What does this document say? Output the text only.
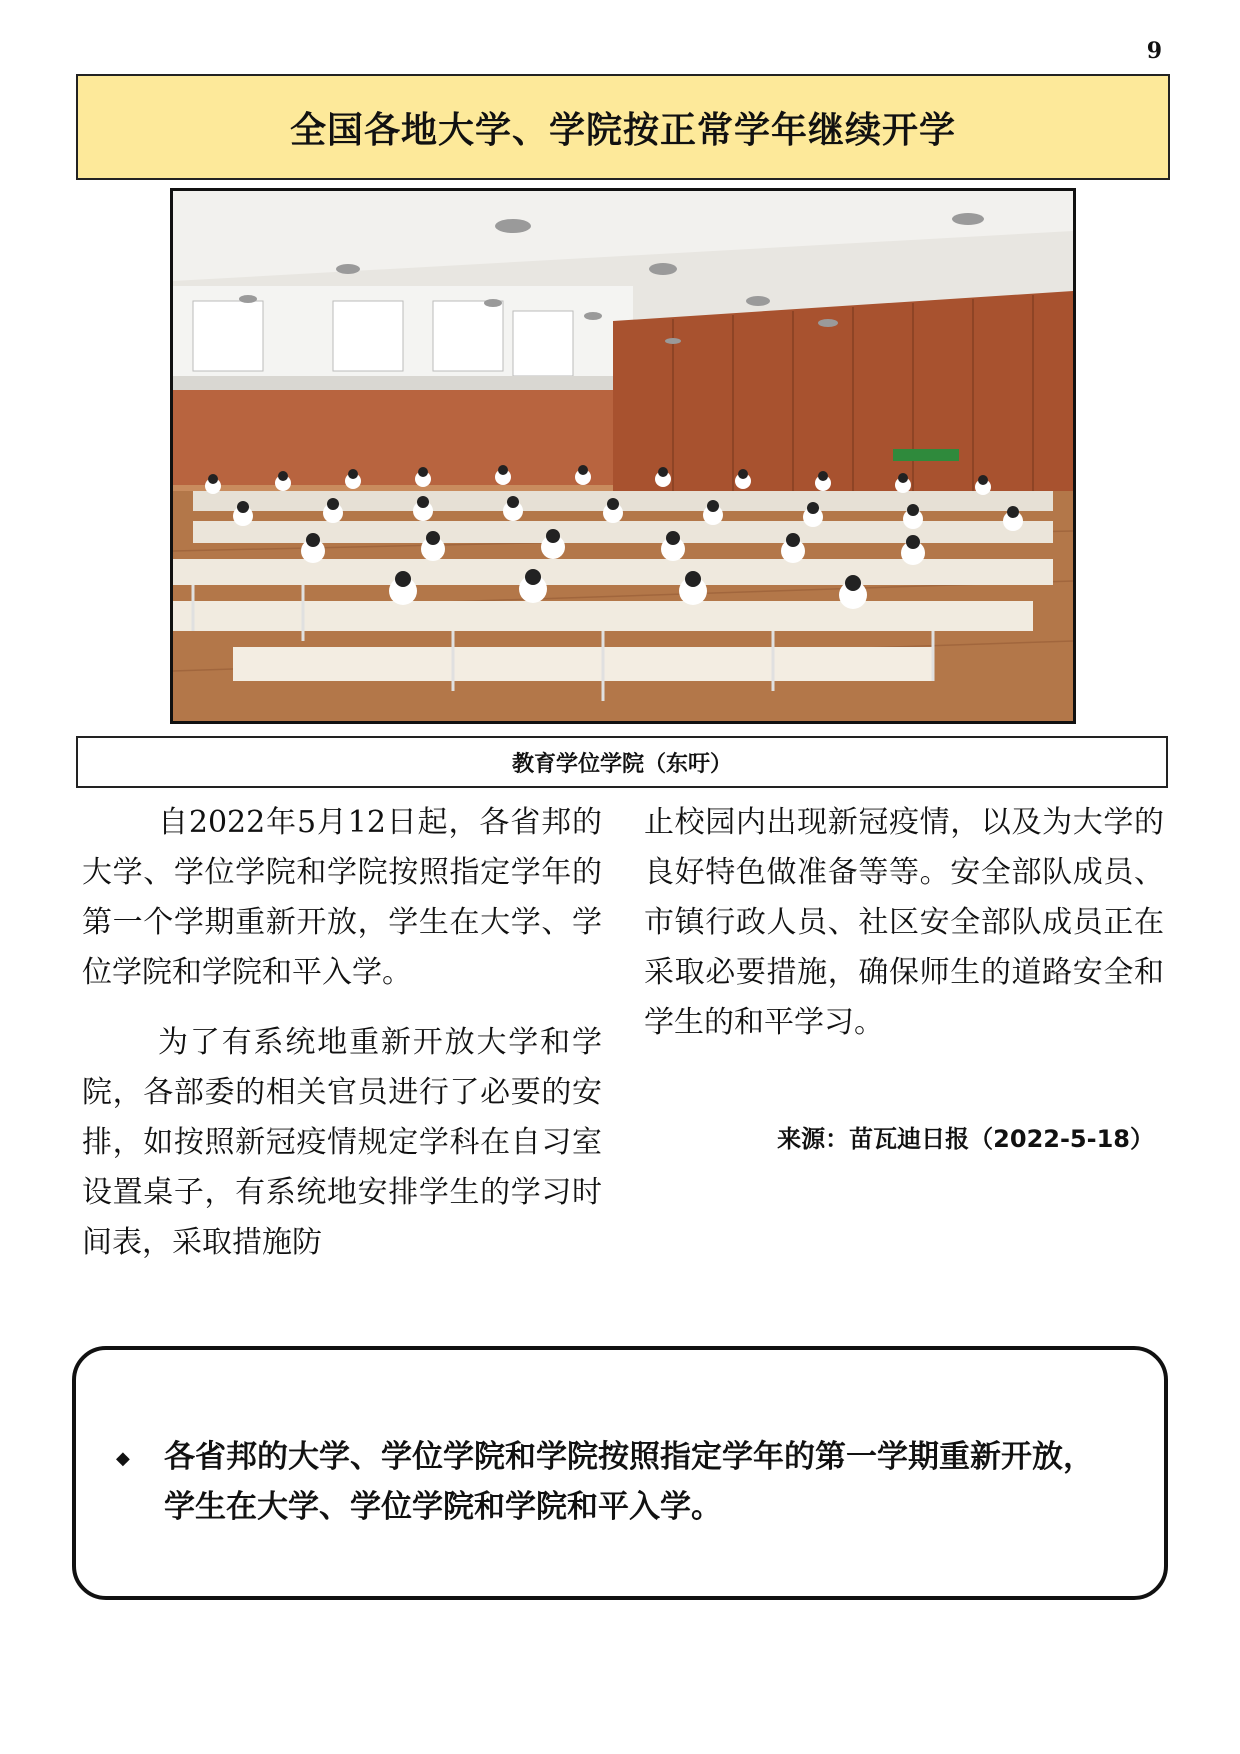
9
全国各地大学、学院按正常学年继续开学
教育学位学院（东吁）

自2022年5月12日起，各省邦的大学、学位学院和学院按照指定学年的第一个学期重新开放，学生在大学、学位学院和学院和平入学。

为了有系统地重新开放大学和学院，各部委的相关官员进行了必要的安排，如按照新冠疫情规定学科在自习室设置桌子，有系统地安排学生的学习时间表，采取措施防

止校园内出现新冠疫情，以及为大学的良好特色做准备等等。安全部队成员、市镇行政人员、社区安全部队成员正在采取必要措施，确保师生的道路安全和学生的和平学习。

来源：苗瓦迪日报（2022-5-18）
◆	各省邦的大学、学位学院和学院按照指定学年的第一学期重新开放，学生在大学、学位学院和学院和平入学。
